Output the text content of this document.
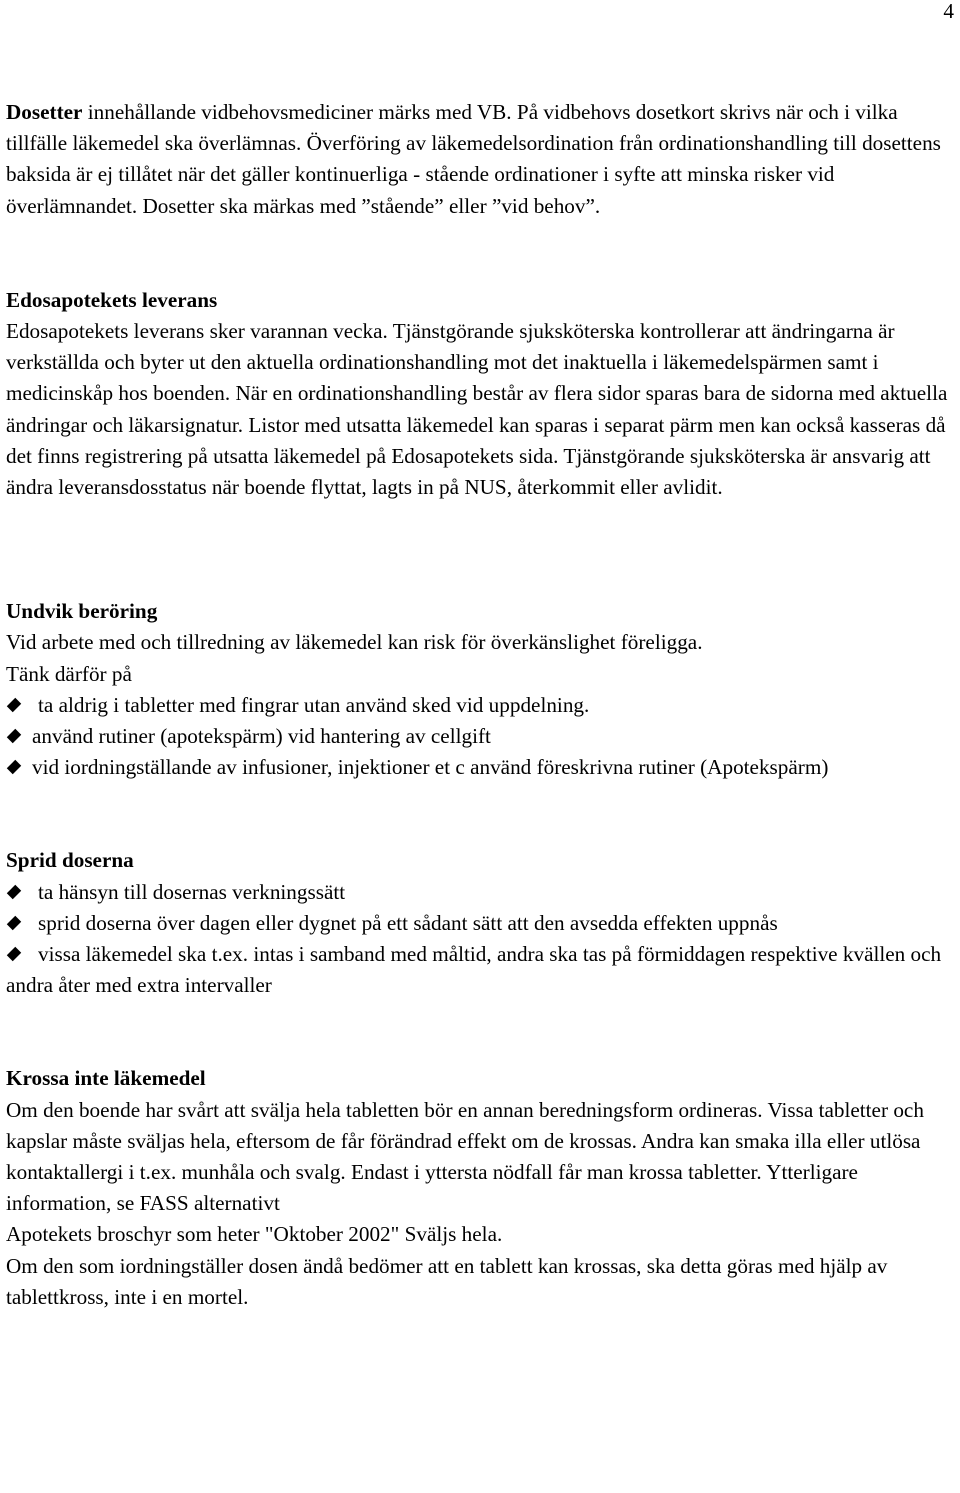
4

Dosetter innehållande vidbehovsmediciner märks med VB. På vidbehovs dosetkort skrivs när och i vilka tillfälle läkemedel ska överlämnas. Överföring av läkemedelsordination från ordinationshandling till dosettens baksida är ej tillåtet när det gäller kontinuerliga - stående ordinationer i syfte att minska risker vid överlämnandet. Dosetter ska märkas med ”stående” eller ”vid behov”.

Edosapotekets leverans

Edosapotekets leverans sker varannan vecka. Tjänstgörande sjuksköterska kontrollerar att ändringarna är verkställda och byter ut den aktuella ordinationshandling mot det inaktuella i läkemedelspärmen samt i medicinskåp hos boenden. När en ordinationshandling består av flera sidor sparas bara de sidorna med aktuella ändringar och läkarsignatur. Listor med utsatta läkemedel kan sparas i separat pärm men kan också kasseras då det finns registrering på utsatta läkemedel på Edosapotekets sida. Tjänstgörande sjuksköterska är ansvarig att ändra leveransdosstatus när boende flyttat, lagts in på NUS, återkommit eller avlidit.

Undvik beröring

Vid arbete med och tillredning av läkemedel kan risk för överkänslighet föreligga.

Tänk därför på

ta aldrig i tabletter med fingrar utan använd sked vid uppdelning.

använd rutiner (apotekspärm) vid hantering av cellgift

vid iordningställande av infusioner, injektioner et c använd föreskrivna rutiner (Apotekspärm)

Sprid doserna

ta hänsyn till dosernas verkningssätt

sprid doserna över dagen eller dygnet på ett sådant sätt att den avsedda effekten uppnås

vissa läkemedel ska t.ex. intas i samband med måltid, andra ska tas på förmiddagen respektive kvällen och andra åter med extra intervaller

Krossa inte läkemedel

Om den boende har svårt att svälja hela tabletten bör en annan beredningsform ordineras. Vissa tabletter och kapslar måste sväljas hela, eftersom de får förändrad effekt om de krossas. Andra kan smaka illa eller utlösa kontaktallergi i t.ex. munhåla och svalg. Endast i yttersta nödfall får man krossa tabletter. Ytterligare information, se FASS alternativt

Apotekets broschyr som heter "Oktober 2002" Sväljs hela.

Om den som iordningställer dosen ändå bedömer att en tablett kan krossas, ska detta göras med hjälp av tablettkross, inte i en mortel.
